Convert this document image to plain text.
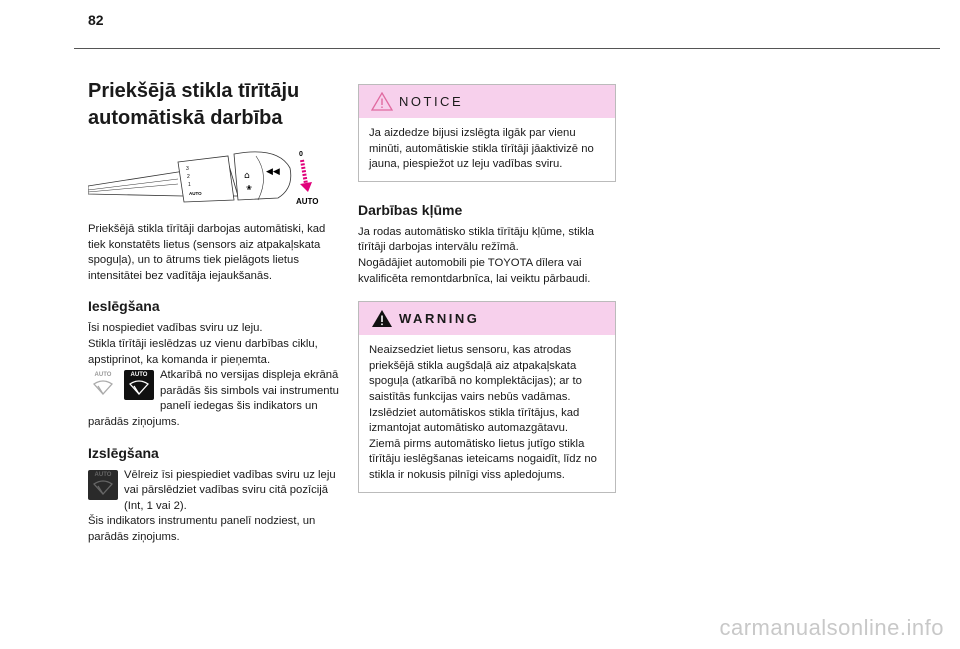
82
Priekšējā stikla tīrītāju automātiskā darbība
3
2
1
AUTO
⌂
❀
◀◀
0
AUTO

Priekšējā stikla tīrītāji darbojas automātiski, kad tiek konstatēts lietus (sensors aiz atpakaļskata spoguļa), un to ātrums tiek pielāgots lietus intensitātei bez vadītāja iejaukšanās.

Ieslēgšana

Īsi nospiediet vadības sviru uz leju.
Stikla tīrītāji ieslēdzas uz vienu darbības ciklu, apstiprinot, ka komanda ir pieņemta.

AUTO	AUTO	Atkarībā no versijas displeja ekrānā parādās šis simbols vai instrumentu panelī iedegas šis indikators un parādās ziņojums.

Izslēgšana
AUTO	Vēlreiz īsi piespiediet vadības sviru uz leju vai pārslēdziet vadības sviru citā pozīcijā (Int, 1 vai 2).
Šis indikators instrumentu panelī nodziest, un parādās ziņojums.

NOTICE

Ja aizdedze bijusi izslēgta ilgāk par vienu minūti, automātiskie stikla tīrītāji jāaktivizē no jauna, piespiežot uz leju vadības sviru.

Darbības kļūme

Ja rodas automātisko stikla tīrītāju kļūme, stikla tīrītāji darbojas intervālu režīmā.
Nogādājiet automobili pie TOYOTA dīlera vai kvalificēta remontdarbnīca, lai veiktu pārbaudi.

WARNING

Neaizsedziet lietus sensoru, kas atrodas priekšējā stikla augšdaļā aiz atpakaļskata spoguļa (atkarībā no komplektācijas); ar to saistītās funkcijas vairs nebūs vadāmas.
Izslēdziet automātiskos stikla tīrītājus, kad izmantojat automātisko automazgātavu.
Ziemā pirms automātisko lietus jutīgo stikla tīrītāju ieslēgšanas ieteicams nogaidīt, līdz no stikla ir nokusis pilnīgi viss apledojums.

carmanualsonline.info
